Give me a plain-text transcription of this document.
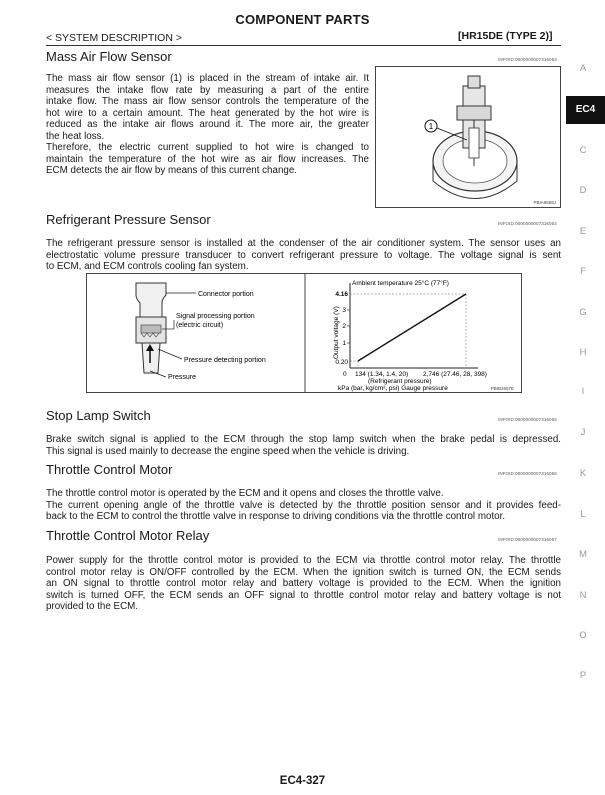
COMPONENT PARTS
< SYSTEM DESCRIPTION >	[HR15DE (TYPE 2)]
A
EC4
C
D
E
F
G
H
I
J
K
L
M
N
O
P
Mass Air Flow Sensor	INFOID:0000000007316053
The mass air flow sensor (1) is placed in the stream of intake air. It
measures the intake flow rate by measuring a part of the entire
intake flow. The mass air flow sensor controls the temperature of the
hot wire to a certain amount. The heat generated by the hot wire is
reduced as the intake air flows around it. The more air, the greater
the heat loss.
Therefore, the electric current supplied to hot wire is changed to
maintain the temperature of the hot wire as air flow increases. The
ECM detects the air flow by means of this current change.
1
PBIA9559J
Refrigerant Pressure Sensor	INFOID:0000000007316054
The refrigerant pressure sensor is installed at the condenser of the air conditioner system. The sensor uses an
electrostatic volume pressure transducer to convert refrigerant pressure to voltage. The voltage signal is sent
to ECM, and ECM controls cooling fan system.
Connector portion
Signal processing portion
(electric circuit)
Pressure detecting portion
Pressure
Ambient temperature 25°C (77°F)
4.16
3
2
1
0.20
Output voltage (V)
0 134 (1.34, 1.4, 20) 2,746 (27.46, 28, 398)
(Refrigerant pressure)
kPa (bar, kg/cm², psi) Gauge pressure	PBIB2657E
Stop Lamp Switch	INFOID:0000000007316055
Brake switch signal is applied to the ECM through the stop lamp switch when the brake pedal is depressed.
This signal is used mainly to decrease the engine speed when the vehicle is driving.
Throttle Control Motor	INFOID:0000000007316056
The throttle control motor is operated by the ECM and it opens and closes the throttle valve.
The current opening angle of the throttle valve is detected by the throttle position sensor and it provides feed-
back to the ECM to control the throttle valve in response to driving conditions via the throttle control motor.
Throttle Control Motor Relay	INFOID:0000000007316057
Power supply for the throttle control motor is provided to the ECM via throttle control motor relay. The throttle
control motor relay is ON/OFF controlled by the ECM. When the ignition switch is turned ON, the ECM sends
an ON signal to throttle control motor relay and battery voltage is provided to the ECM. When the ignition
switch is turned OFF, the ECM sends an OFF signal to throttle control motor relay and battery voltage is not
provided to the ECM.
EC4-327
